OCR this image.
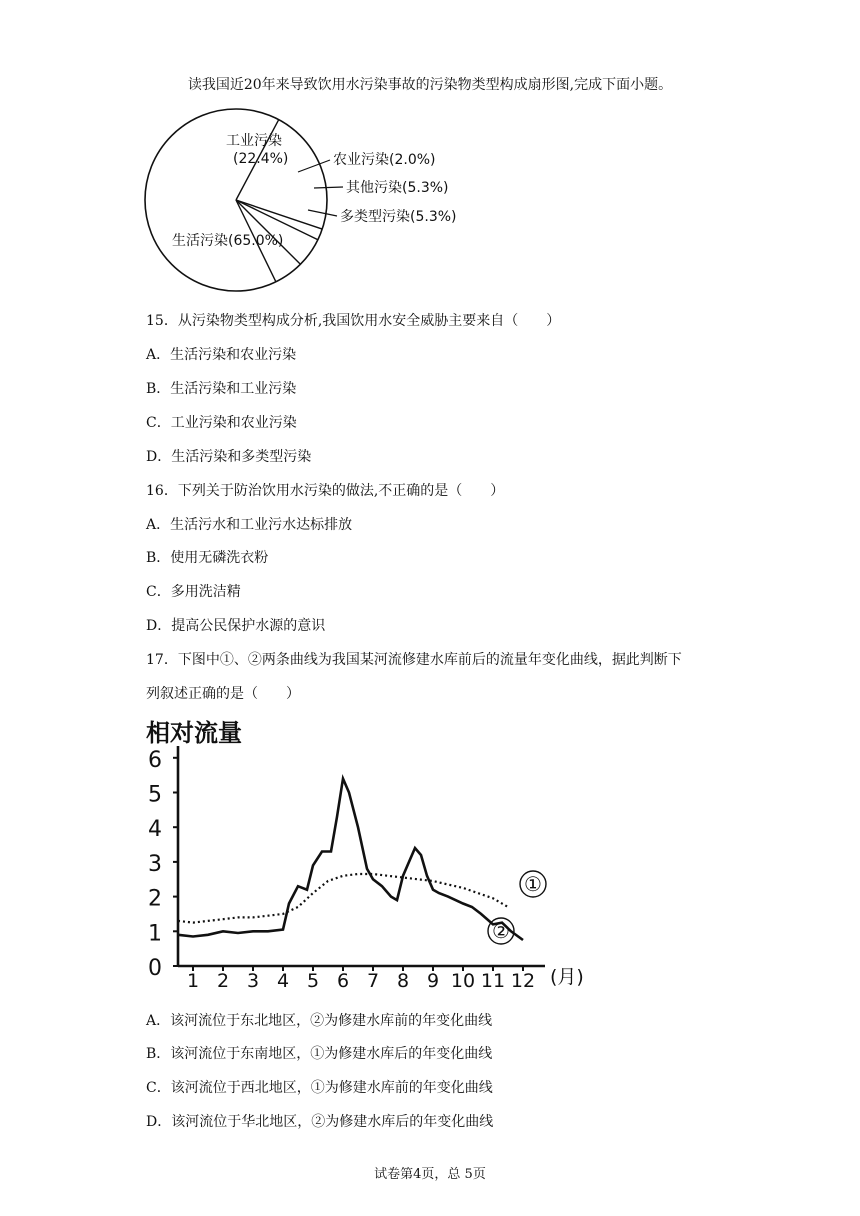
读我国近20年来导致饮用水污染事故的污染物类型构成扇形图,完成下面小题。
工业污染
(22.4%)	农业污染(2.0%)
其他污染(5.3%)
多类型污染(5.3%)
生活污染(65.0%)
15．从污染物类型构成分析,我国饮用水安全威胁主要来自（　　）
A．生活污染和农业污染
B．生活污染和工业污染
C．工业污染和农业污染
D．生活污染和多类型污染
16．下列关于防治饮用水污染的做法,不正确的是（　　）
A．生活污水和工业污水达标排放
B．使用无磷洗衣粉
C．多用洗洁精
D．提高公民保护水源的意识
17．下图中①、②两条曲线为我国某河流修建水库前后的流量年变化曲线，据此判断下
列叙述正确的是（　　）
相对流量
0
1
2
3
4
5
6
1 2 3 4 5 6 7 8 9 10 11 12
①
②
(月)
A．该河流位于东北地区，②为修建水库前的年变化曲线
B．该河流位于东南地区，①为修建水库后的年变化曲线
C．该河流位于西北地区，①为修建水库前的年变化曲线
D．该河流位于华北地区，②为修建水库后的年变化曲线
试卷第4页，总 5页
